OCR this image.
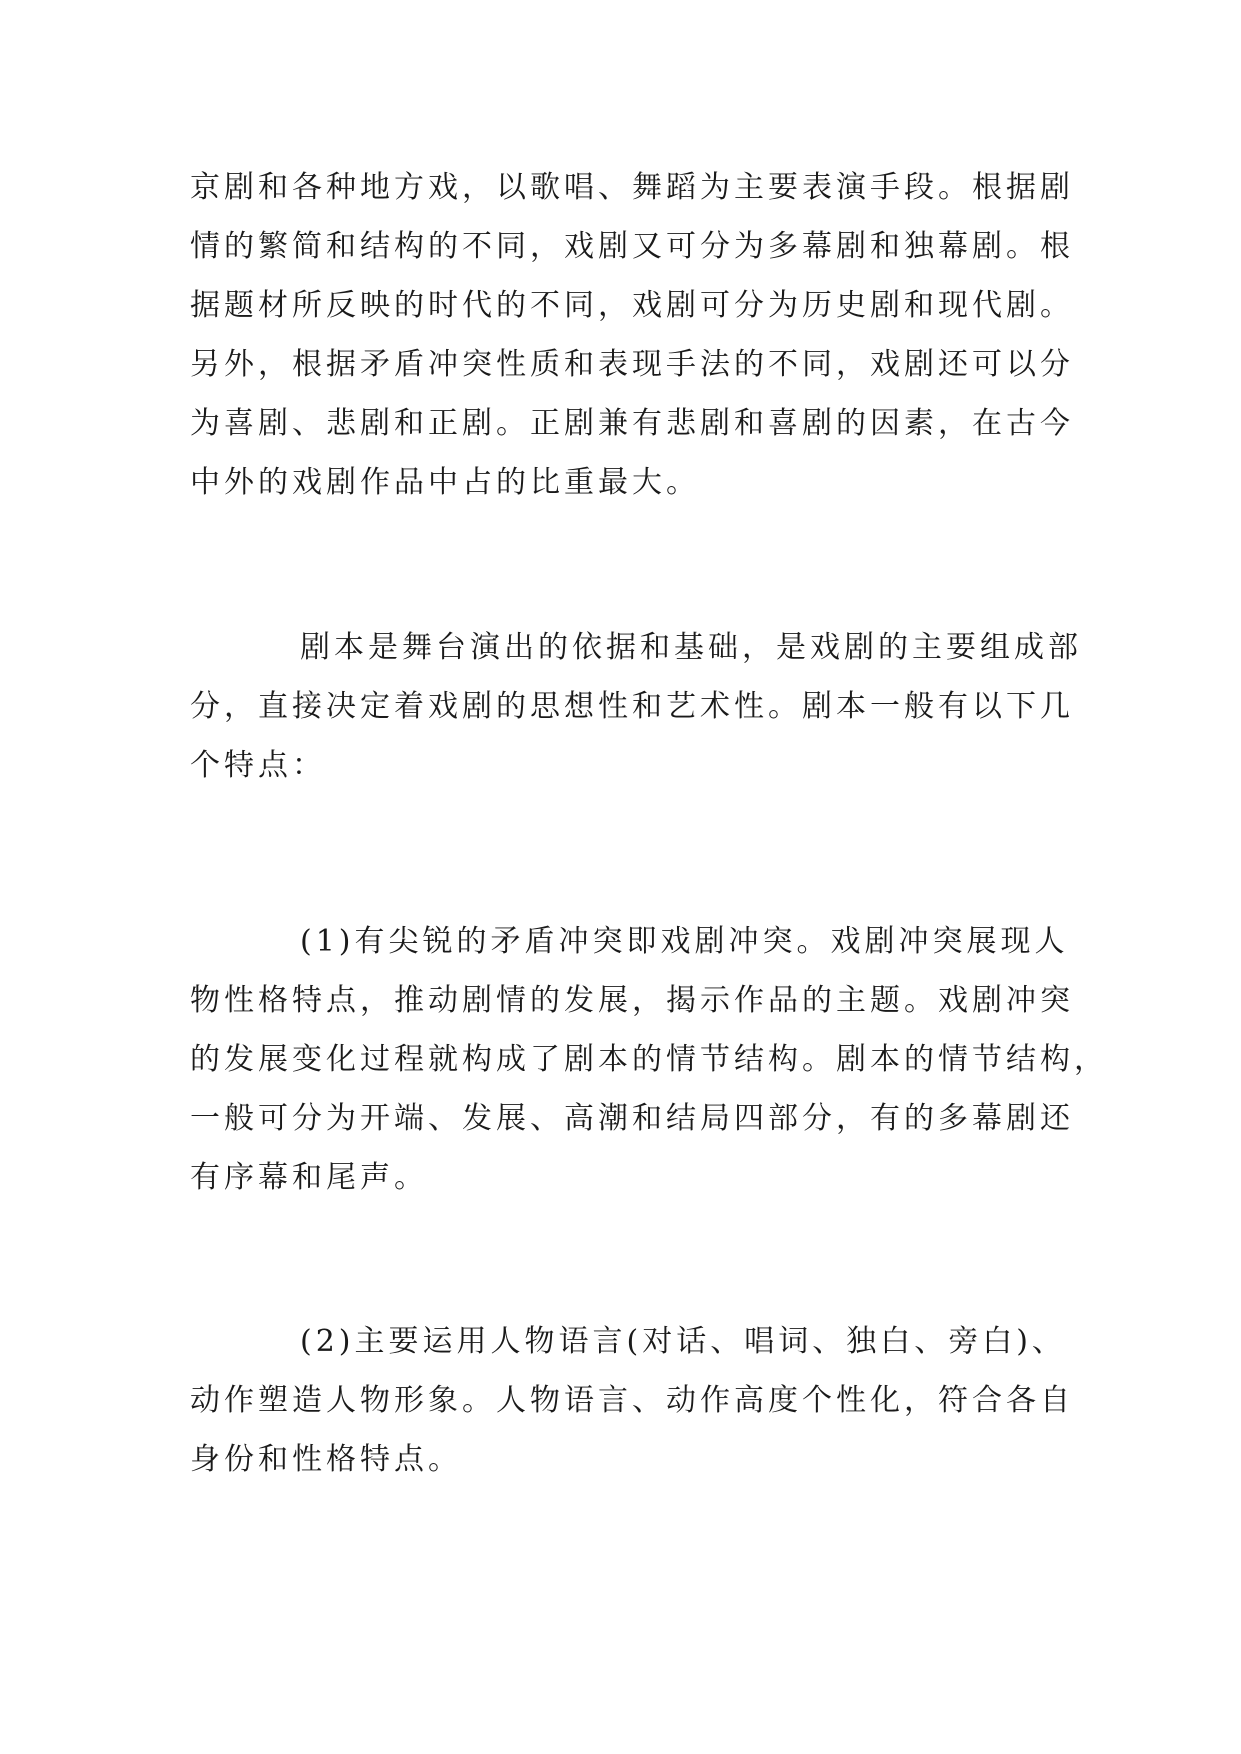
京剧和各种地方戏，以歌唱、舞蹈为主要表演手段。根据剧
情的繁简和结构的不同，戏剧又可分为多幕剧和独幕剧。根
据题材所反映的时代的不同，戏剧可分为历史剧和现代剧。
另外，根据矛盾冲突性质和表现手法的不同，戏剧还可以分
为喜剧、悲剧和正剧。正剧兼有悲剧和喜剧的因素，在古今
中外的戏剧作品中占的比重最大。
剧本是舞台演出的依据和基础，是戏剧的主要组成部
分，直接决定着戏剧的思想性和艺术性。剧本一般有以下几
个特点：
(1)有尖锐的矛盾冲突即戏剧冲突。戏剧冲突展现人
物性格特点，推动剧情的发展，揭示作品的主题。戏剧冲突
的发展变化过程就构成了剧本的情节结构。剧本的情节结构，
一般可分为开端、发展、高潮和结局四部分，有的多幕剧还
有序幕和尾声。
(2)主要运用人物语言(对话、唱词、独白、旁白)、
动作塑造人物形象。人物语言、动作高度个性化，符合各自
身份和性格特点。
